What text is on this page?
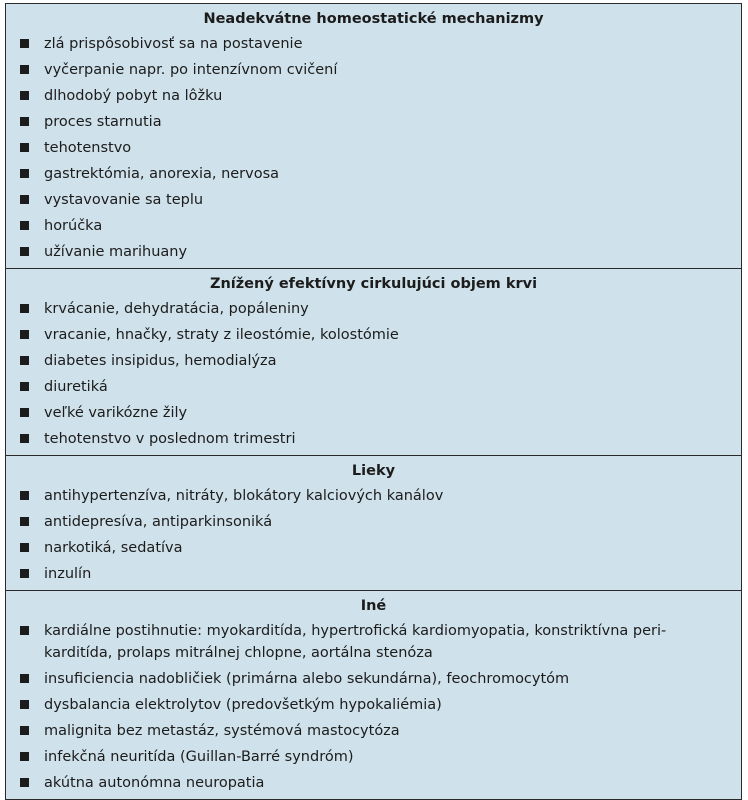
Neadekvátne homeostatické mechanizmy
zlá prispôsobivosť sa na postavenie
vyčerpanie napr. po intenzívnom cvičení
dlhodobý pobyt na lôžku
proces starnutia
tehotenstvo
gastrektómia, anorexia, nervosa
vystavovanie sa teplu
horúčka
užívanie marihuany
Znížený efektívny cirkulujúci objem krvi
krvácanie, dehydratácia, popáleniny
vracanie, hnačky, straty z ileostómie, kolostómie
diabetes insipidus, hemodialýza
diuretiká
veľké varikózne žily
tehotenstvo v poslednom trimestri
Lieky
antihypertenzíva, nitráty, blokátory kalciových kanálov
antidepresíva, antiparkinsoniká
narkotiká, sedatíva
inzulín
Iné
kardiálne postihnutie: myokarditída, hypertrofická kardiomyopatia, konstriktívna peri-
karditída, prolaps mitrálnej chlopne, aortálna stenóza
insuficiencia nadobličiek (primárna alebo sekundárna), feochromocytóm
dysbalancia elektrolytov (predovšetkým hypokaliémia)
malignita bez metastáz, systémová mastocytóza
infekčná neuritída (Guillan-Barré syndróm)
akútna autonómna neuropatia
